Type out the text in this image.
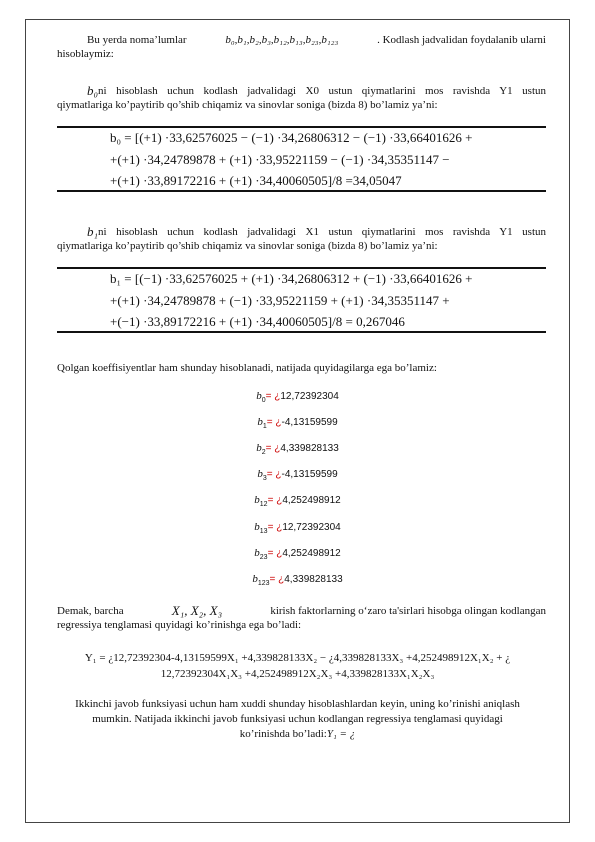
Bu yerda noma’lumlar	b₀,b₁,b₂,b₃,b₁₂,b₁₃,b₂₃,b₁₂₃	. Kodlash jadvalidan foydalanib ularni
hisoblaymiz:
b₀ ni hisoblash uchun kodlash jadvalidagi X0 ustun qiymatlarini mos ravishda Y1 ustun
qiymatlariga ko’paytirib qo’shib chiqamiz va sinovlar soniga (bizda 8) bo’lamiz ya’ni:
b₀ = [(+1) ·33,62576025 − (−1) ·34,26806312 − (−1) ·33,66401626 +
+(+1) ·34,24789878 + (+1) ·33,95221159 − (−1) ·34,35351147 −
+(+1) ·33,89172216 + (+1) ·34,40060505]/8 =34,05047
b₁ ni hisoblash uchun kodlash jadvalidagi X1 ustun qiymatlarini mos ravishda Y1 ustun
qiymatlariga ko’paytirib qo’shib chiqamiz va sinovlar soniga (bizda 8) bo’lamiz ya’ni:
b₁ = [(−1) ·33,62576025 + (+1) ·34,26806312 + (−1) ·33,66401626 +
+(+1) ·34,24789878 + (−1) ·33,95221159 + (+1) ·34,35351147 +
+(−1) ·33,89172216 + (+1) ·34,40060505]/8 = 0,267046
Qolgan koeffisiyentlar ham shunday hisoblanadi, natijada quyidagilarga ega bo’lamiz:
$b_0=$ ¿12,72392304
$b_1=$ ¿-4,13159599
$b_2=$ ¿4,339828133
$b_3=$ ¿-4,13159599
$b_{12}=$ ¿4,252498912
$b_{13}=$ ¿12,72392304
$b_{23}=$ ¿4,252498912
$b_{123}=$ ¿4,339828133
Demak, barcha	X₁, X₂, X₃	kirish faktorlarning o‘zaro ta'sirlari hisobga olingan kodlangan
regressiya tenglamasi quyidagi ko’rinishga ega bo’ladi:
Y₁ = ¿12,72392304-4,13159599X₁ +4,339828133X₂ − ¿4,339828133X₃ +4,252498912X₁X₂ + ¿
12,72392304X₁X₃ +4,252498912X₂X₃ +4,339828133X₁X₂X₃
Ikkinchi javob funksiyasi uchun ham xuddi shunday hisoblashlardan keyin, uning ko’rinishi aniqlash
mumkin. Natijada ikkinchi javob funksiyasi uchun kodlangan regressiya tenglamasi quyidagi
ko’rinishda bo’ladi:Y₁ = ¿
